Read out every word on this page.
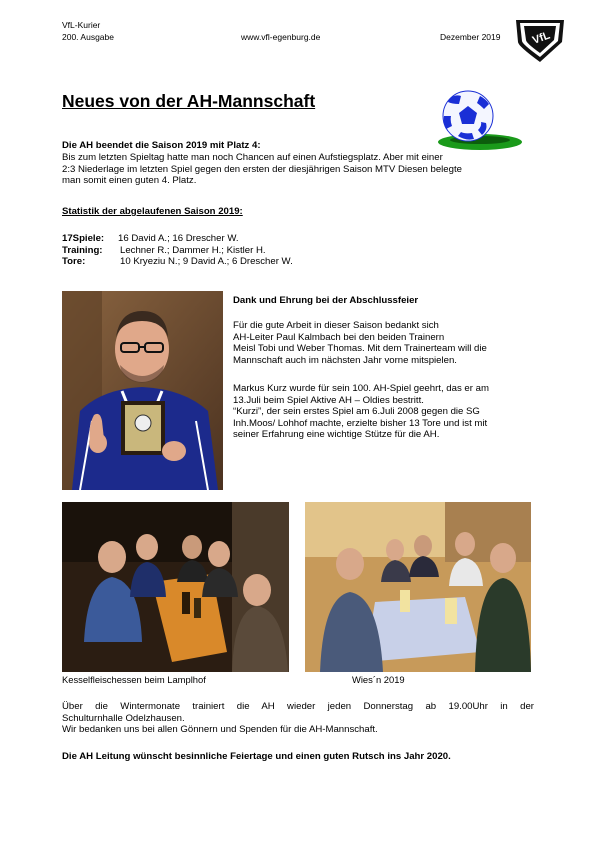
VfL-Kurier
200. Ausgabe	www.vfl-egenburg.de	Dezember 2019	VfL
Neues von der AH-Mannschaft
Die AH beendet die Saison 2019 mit Platz 4:
Bis zum letzten Spieltag hatte man noch Chancen auf einen Aufstiegsplatz. Aber mit einer
2:3 Niederlage im letzten Spiel gegen den ersten der diesjährigen Saison MTV Diesen belegte
man somit einen guten 4. Platz.
Statistik der abgelaufenen Saison 2019:
17Spiele: 16 David A.; 16 Drescher W.
Training: Lechner R.; Dammer H.; Kistler H.
Tore:	10 Kryeziu N.; 9 David A.; 6 Drescher W.
Dank und Ehrung bei der Abschlussfeier
Für die gute Arbeit in dieser Saison bedankt sich
AH-Leiter Paul Kalmbach bei den beiden Trainern
Meisl Tobi und Weber Thomas. Mit dem Trainerteam will die
Mannschaft auch im nächsten Jahr vorne mitspielen.
Markus Kurz wurde für sein 100. AH-Spiel geehrt, das er am
13.Juli beim Spiel Aktive AH – Oldies bestritt.
“Kurzi”, der sein erstes Spiel am 6.Juli 2008 gegen die SG
Inh.Moos/ Lohhof machte, erzielte bisher 13 Tore und ist mit
seiner Erfahrung eine wichtige Stütze für die AH.
Kesselfleischessen beim Lamplhof	Wies´n 2019
Über die Wintermonate trainiert die AH wieder jeden Donnerstag ab 19.00Uhr in der
Schulturnhalle Odelzhausen.
Wir bedanken uns bei allen Gönnern und Spenden für die AH-Mannschaft.
Die AH Leitung wünscht besinnliche Feiertage und einen guten Rutsch ins Jahr 2020.
